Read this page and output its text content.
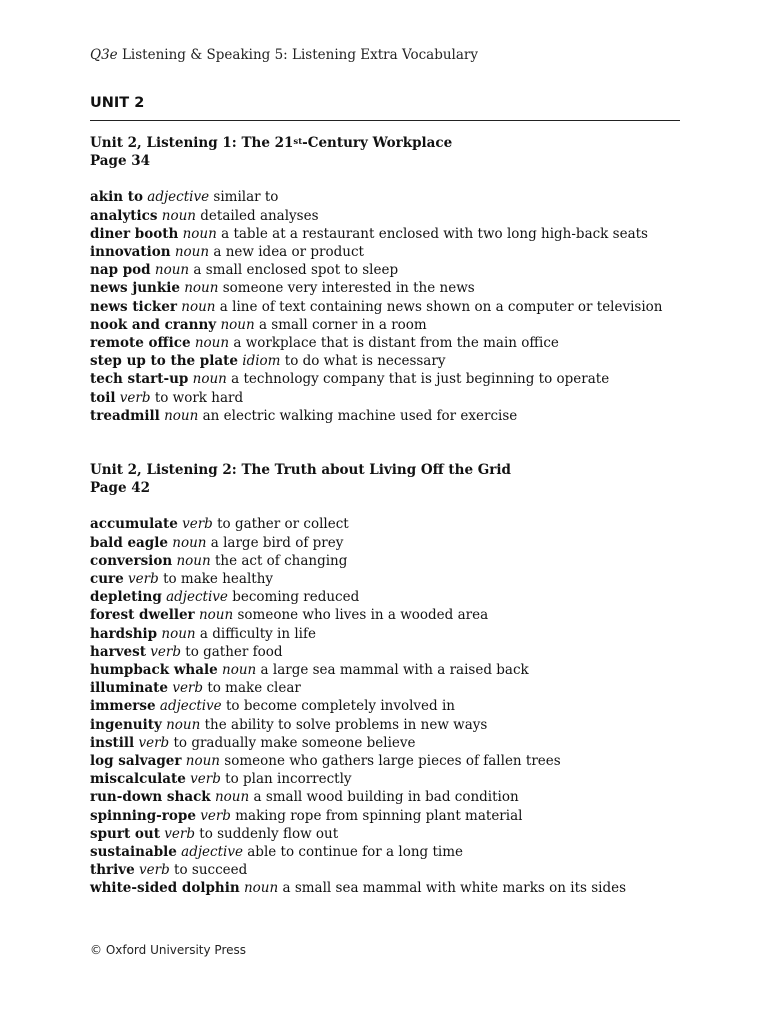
Q3e Listening & Speaking 5: Listening Extra Vocabulary
UNIT 2
Unit 2, Listening 1: The 21st-Century Workplace
Page 34
akin to adjective similar to
analytics noun detailed analyses
diner booth noun a table at a restaurant enclosed with two long high-back seats
innovation noun a new idea or product
nap pod noun a small enclosed spot to sleep
news junkie noun someone very interested in the news
news ticker noun a line of text containing news shown on a computer or television
nook and cranny noun a small corner in a room
remote office noun a workplace that is distant from the main office
step up to the plate idiom to do what is necessary
tech start-up noun a technology company that is just beginning to operate
toil verb to work hard
treadmill noun an electric walking machine used for exercise
Unit 2, Listening 2: The Truth about Living Off the Grid
Page 42
accumulate verb to gather or collect
bald eagle noun a large bird of prey
conversion noun the act of changing
cure verb to make healthy
depleting adjective becoming reduced
forest dweller noun someone who lives in a wooded area
hardship noun a difficulty in life
harvest verb to gather food
humpback whale noun a large sea mammal with a raised back
illuminate verb to make clear
immerse adjective to become completely involved in
ingenuity noun the ability to solve problems in new ways
instill verb to gradually make someone believe
log salvager noun someone who gathers large pieces of fallen trees
miscalculate verb to plan incorrectly
run-down shack noun a small wood building in bad condition
spinning-rope verb making rope from spinning plant material
spurt out verb to suddenly flow out
sustainable adjective able to continue for a long time
thrive verb to succeed
white-sided dolphin noun a small sea mammal with white marks on its sides
© Oxford University Press
